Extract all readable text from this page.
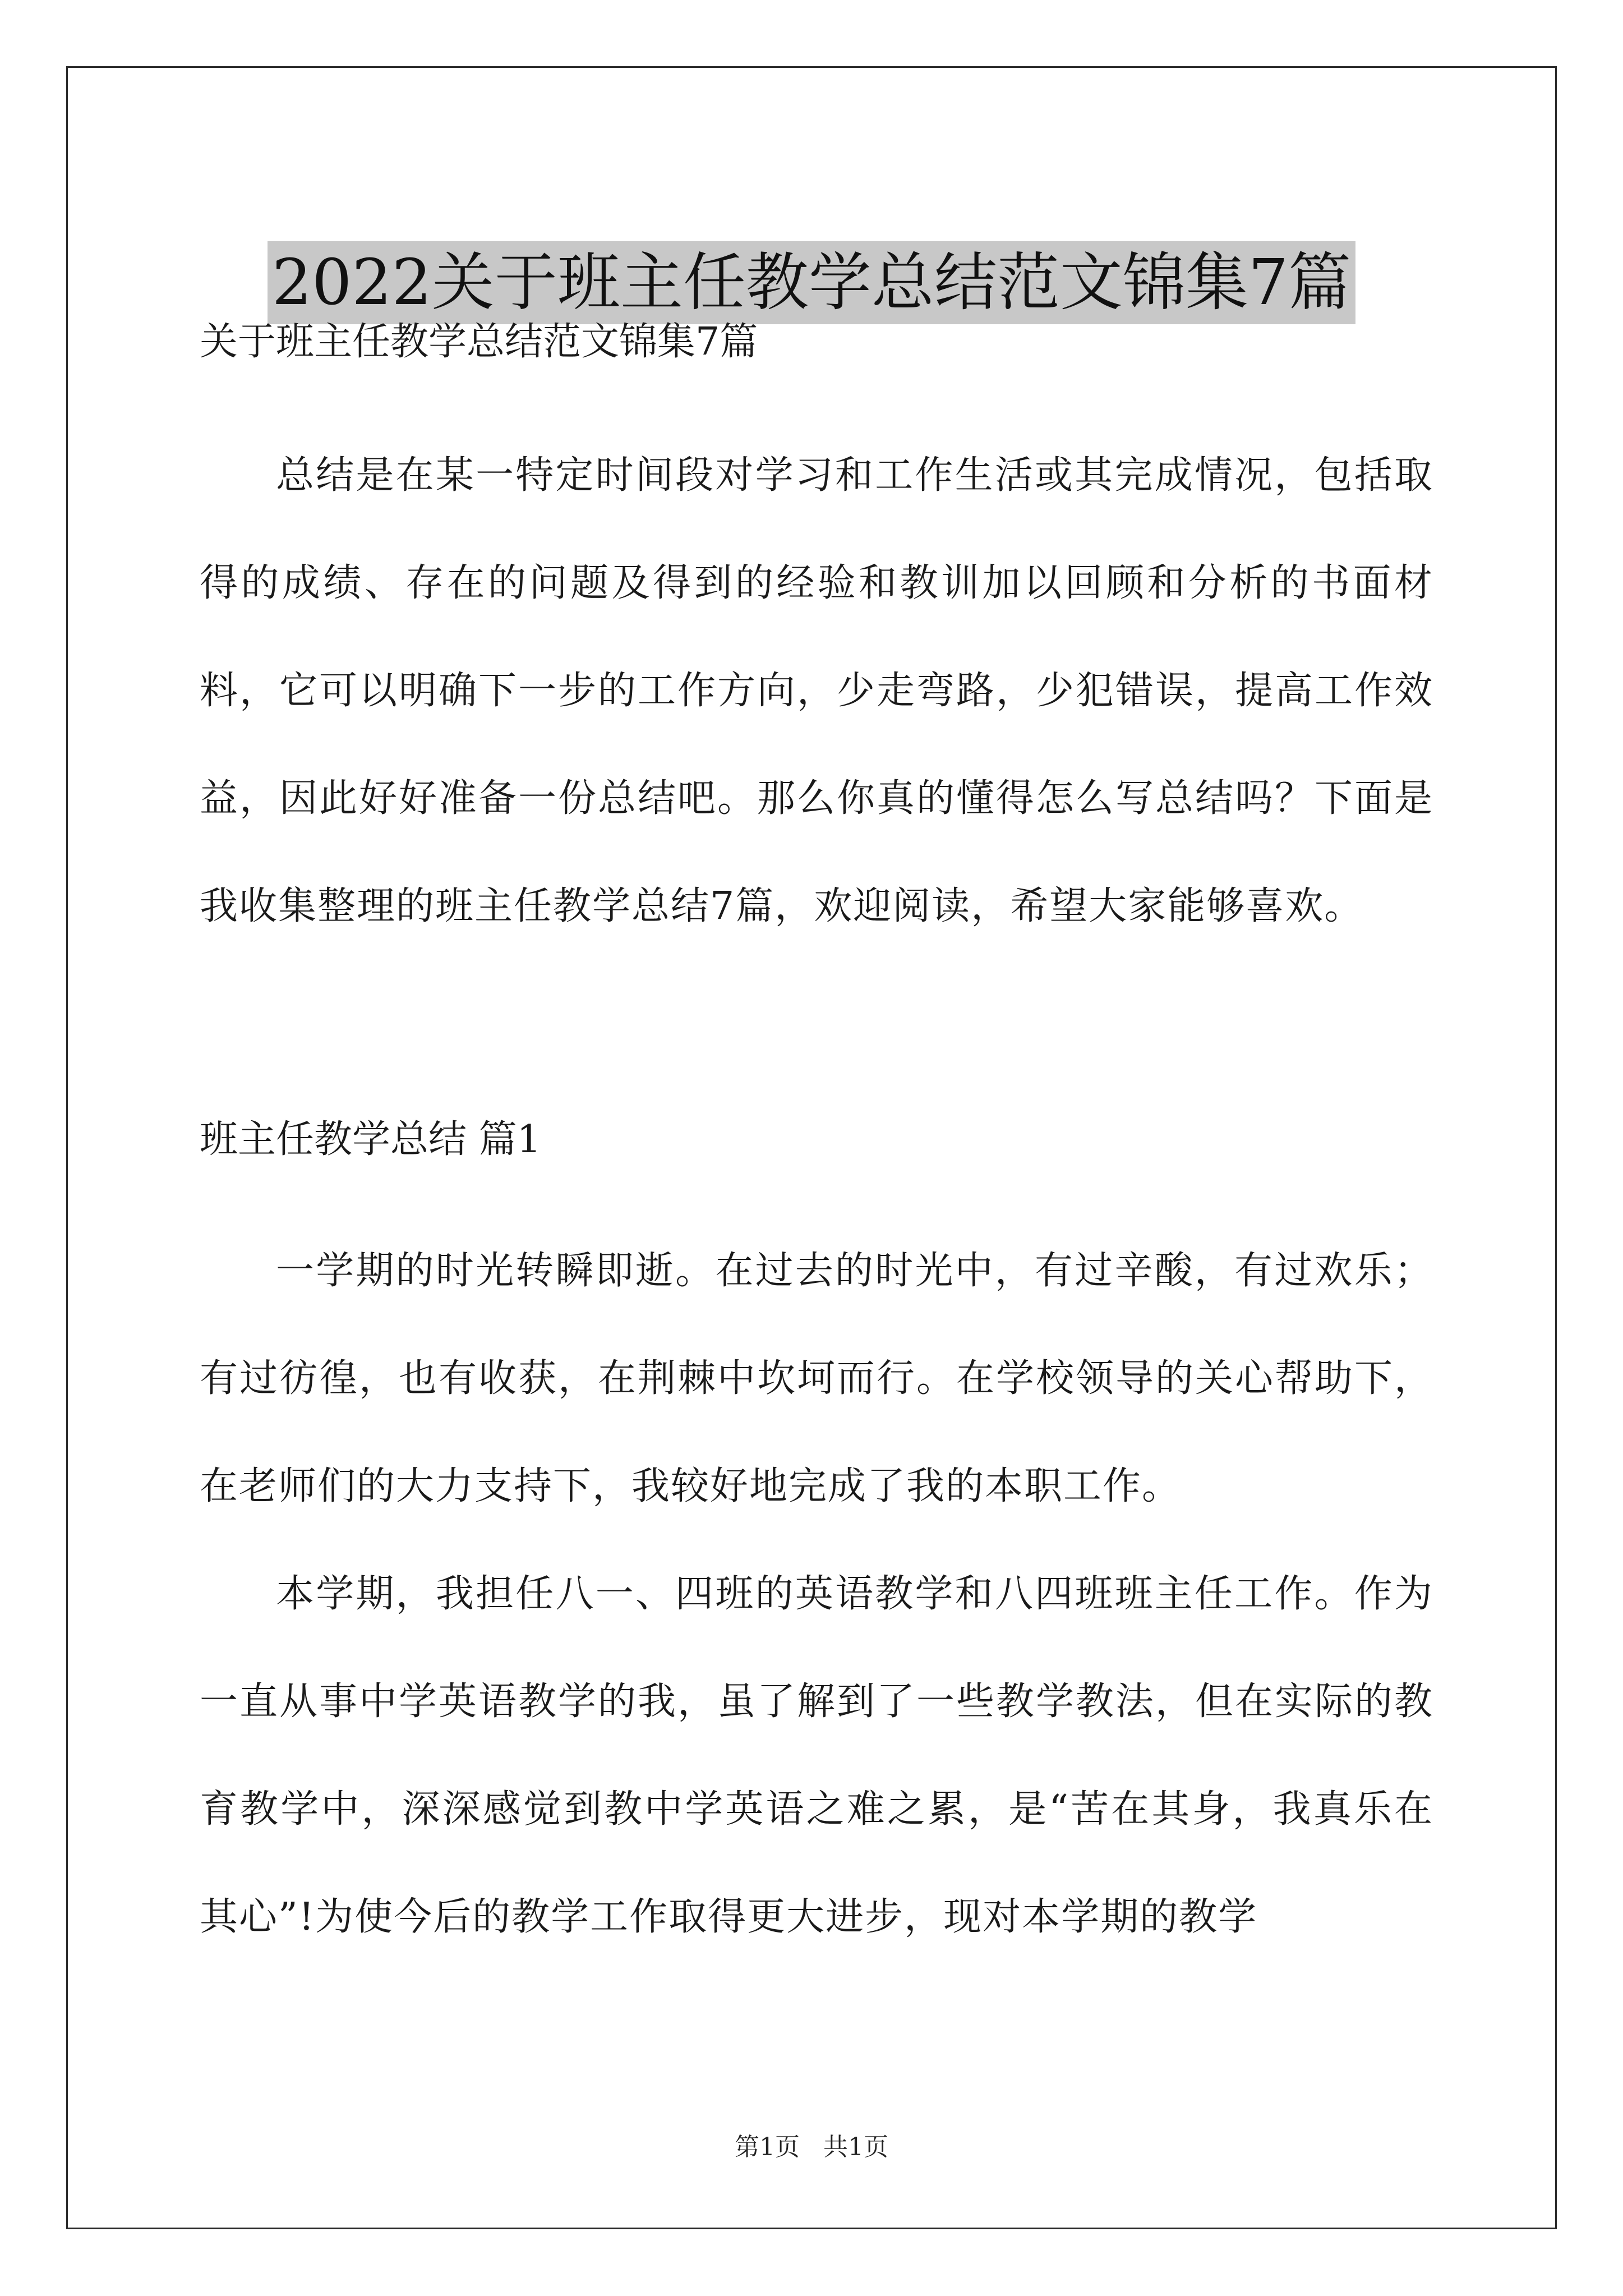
2022关于班主任教学总结范文锦集7篇

关于班主任教学总结范文锦集7篇

总结是在某一特定时间段对学习和工作生活或其完成情况，包括取得的成绩、存在的问题及得到的经验和教训加以回顾和分析的书面材料，它可以明确下一步的工作方向，少走弯路，少犯错误，提高工作效益，因此好好准备一份总结吧。那么你真的懂得怎么写总结吗？下面是我收集整理的班主任教学总结7篇，欢迎阅读，希望大家能够喜欢。

班主任教学总结 篇1

一学期的时光转瞬即逝。在过去的时光中，有过辛酸，有过欢乐；有过彷徨，也有收获，在荆棘中坎坷而行。在学校领导的关心帮助下，在老师们的大力支持下，我较好地完成了我的本职工作。

本学期，我担任八一、四班的英语教学和八四班班主任工作。作为一直从事中学英语教学的我，虽了解到了一些教学教法，但在实际的教育教学中，深深感觉到教中学英语之难之累，是“苦在其身，我真乐在其心”!为使今后的教学工作取得更大进步，现对本学期的教学

第1页 共1页
